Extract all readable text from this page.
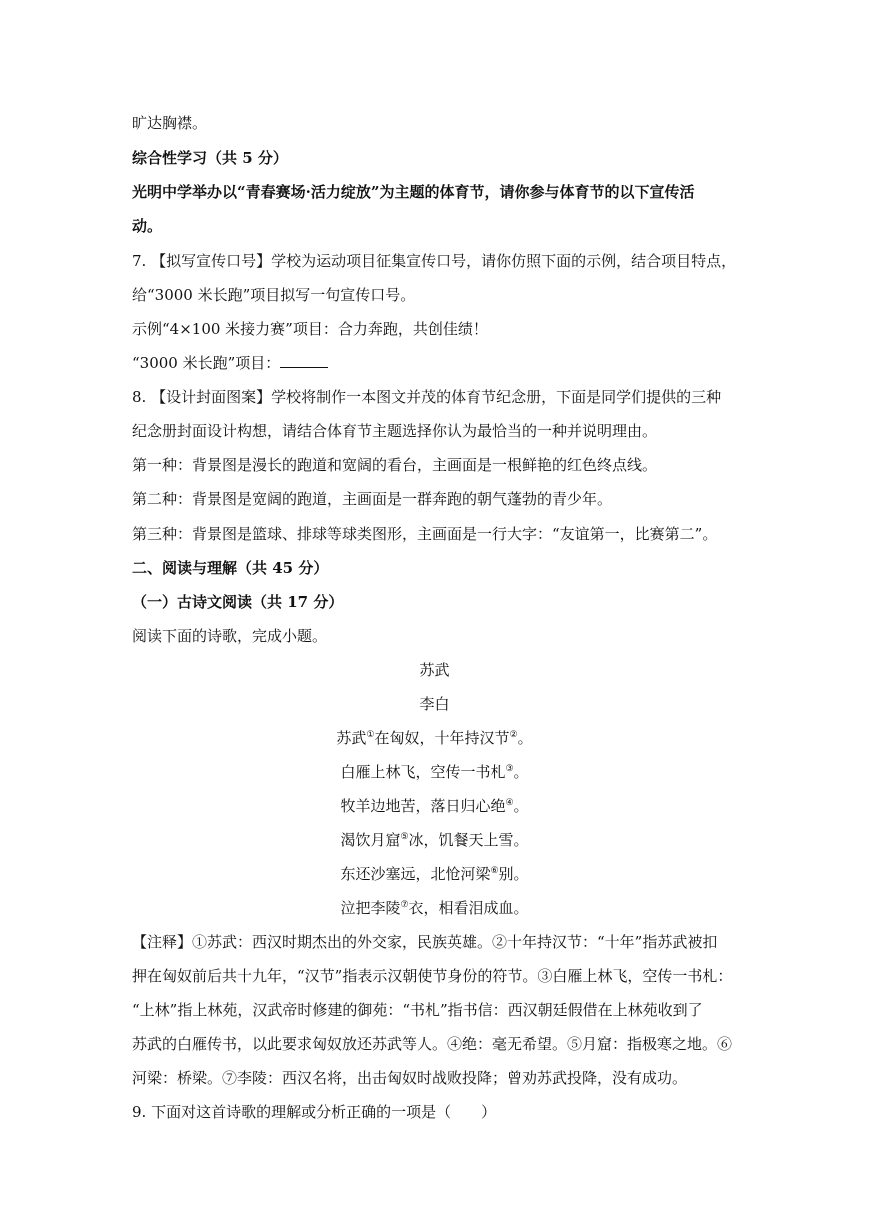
旷达胸襟。
综合性学习（共 5 分）
光明中学举办以“青春赛场·活力绽放”为主题的体育节，请你参与体育节的以下宣传活
动。
7. 【拟写宣传口号】学校为运动项目征集宣传口号，请你仿照下面的示例，结合项目特点，
给“3000 米长跑”项目拟写一句宣传口号。
示例“4×100 米接力赛”项目：合力奔跑，共创佳绩！
“3000 米长跑”项目：
8. 【设计封面图案】学校将制作一本图文并茂的体育节纪念册，下面是同学们提供的三种
纪念册封面设计构想，请结合体育节主题选择你认为最恰当的一种并说明理由。
第一种：背景图是漫长的跑道和宽阔的看台，主画面是一根鲜艳的红色终点线。
第二种：背景图是宽阔的跑道，主画面是一群奔跑的朝气蓬勃的青少年。
第三种：背景图是篮球、排球等球类图形，主画面是一行大字：“友谊第一，比赛第二”。
二、阅读与理解（共 45 分）
（一）古诗文阅读（共 17 分）
阅读下面的诗歌，完成小题。
苏武
李白
苏武①在匈奴，十年持汉节②。
白雁上林飞，空传一书札③。
牧羊边地苦，落日归心绝④。
渴饮月窟⑤冰，饥餐天上雪。
东还沙塞远，北怆河梁⑥别。
泣把李陵⑦衣，相看泪成血。
【注释】①苏武：西汉时期杰出的外交家，民族英雄。②十年持汉节：“十年”指苏武被扣
押在匈奴前后共十九年，“汉节”指表示汉朝使节身份的符节。③白雁上林飞，空传一书札：
“上林”指上林苑，汉武帝时修建的御苑：“书札”指书信：西汉朝廷假借在上林苑收到了
苏武的白雁传书，以此要求匈奴放还苏武等人。④绝：毫无希望。⑤月窟：指极寒之地。⑥
河梁：桥梁。⑦李陵：西汉名将，出击匈奴时战败投降；曾劝苏武投降，没有成功。
9. 下面对这首诗歌的理解或分析正确的一项是（　　）
